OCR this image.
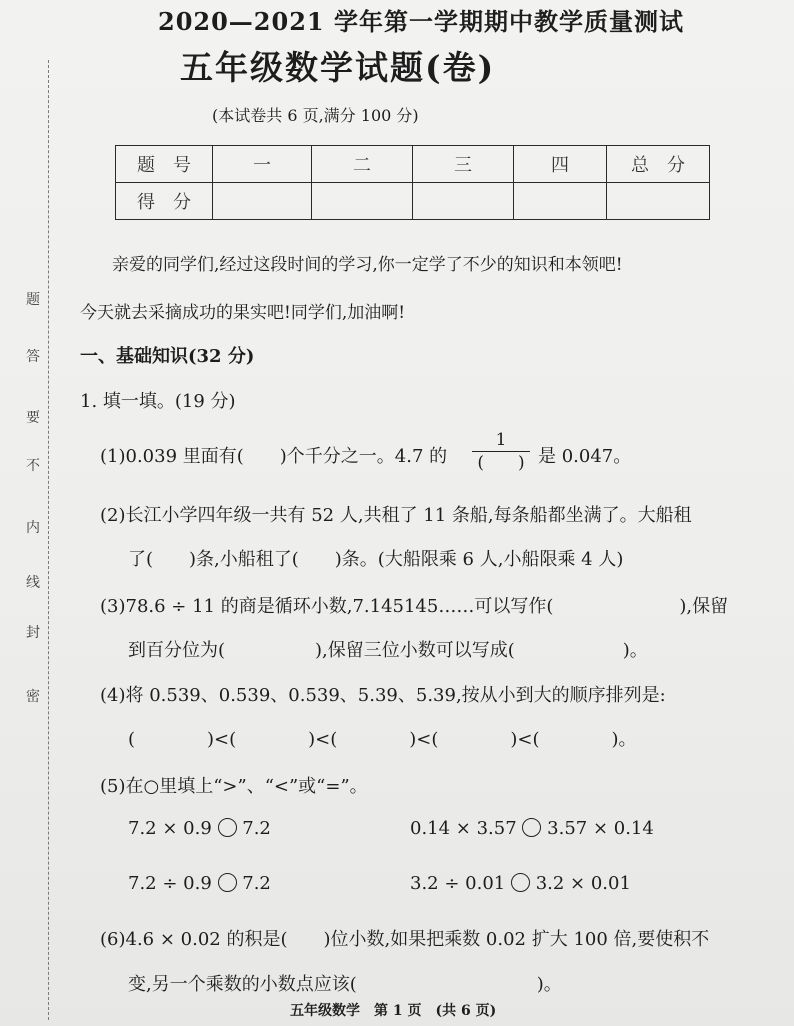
密
封
线
内
不
要
答
题
2020—2021 学年第一学期期中教学质量测试
五年级数学试题(卷)
(本试卷共 6 页,满分 100 分)
题　号	一	二	三	四	总　分
得　分					
亲爱的同学们,经过这段时间的学习,你一定学了不少的知识和本领吧!
今天就去采摘成功的果实吧!同学们,加油啊!
一、基础知识(32 分)
1. 填一填。(19 分)
(1)0.039 里面有(　　)个千分之一。4.7 的
1
(　　) 是 0.047。
(2)长江小学四年级一共有 52 人,共租了 11 条船,每条船都坐满了。大船租
了(　　)条,小船租了(　　)条。(大船限乘 6 人,小船限乘 4 人)
(3)78.6 ÷ 11 的商是循环小数,7.145145……可以写作(　　　　　　　),保留
到百分位为(　　　　　),保留三位小数可以写成(　　　　　　)。
(4)将 0.539、0.539、0.539、5.39、5.39,按从小到大的顺序排列是:
(　　　　)<(　　　　)<(　　　　)<(　　　　)<(　　　　)。
(5)在○里填上“>”、“<”或“=”。
7.2 × 0.9 7.2	0.14 × 3.57 3.57 × 0.14
7.2 ÷ 0.9 7.2	3.2 ÷ 0.01 3.2 × 0.01
(6)4.6 × 0.02 的积是(　　)位小数,如果把乘数 0.02 扩大 100 倍,要使积不
变,另一个乘数的小数点应该(　　　　　　　　　　)。
五年级数学　第 1 页　(共 6 页)
